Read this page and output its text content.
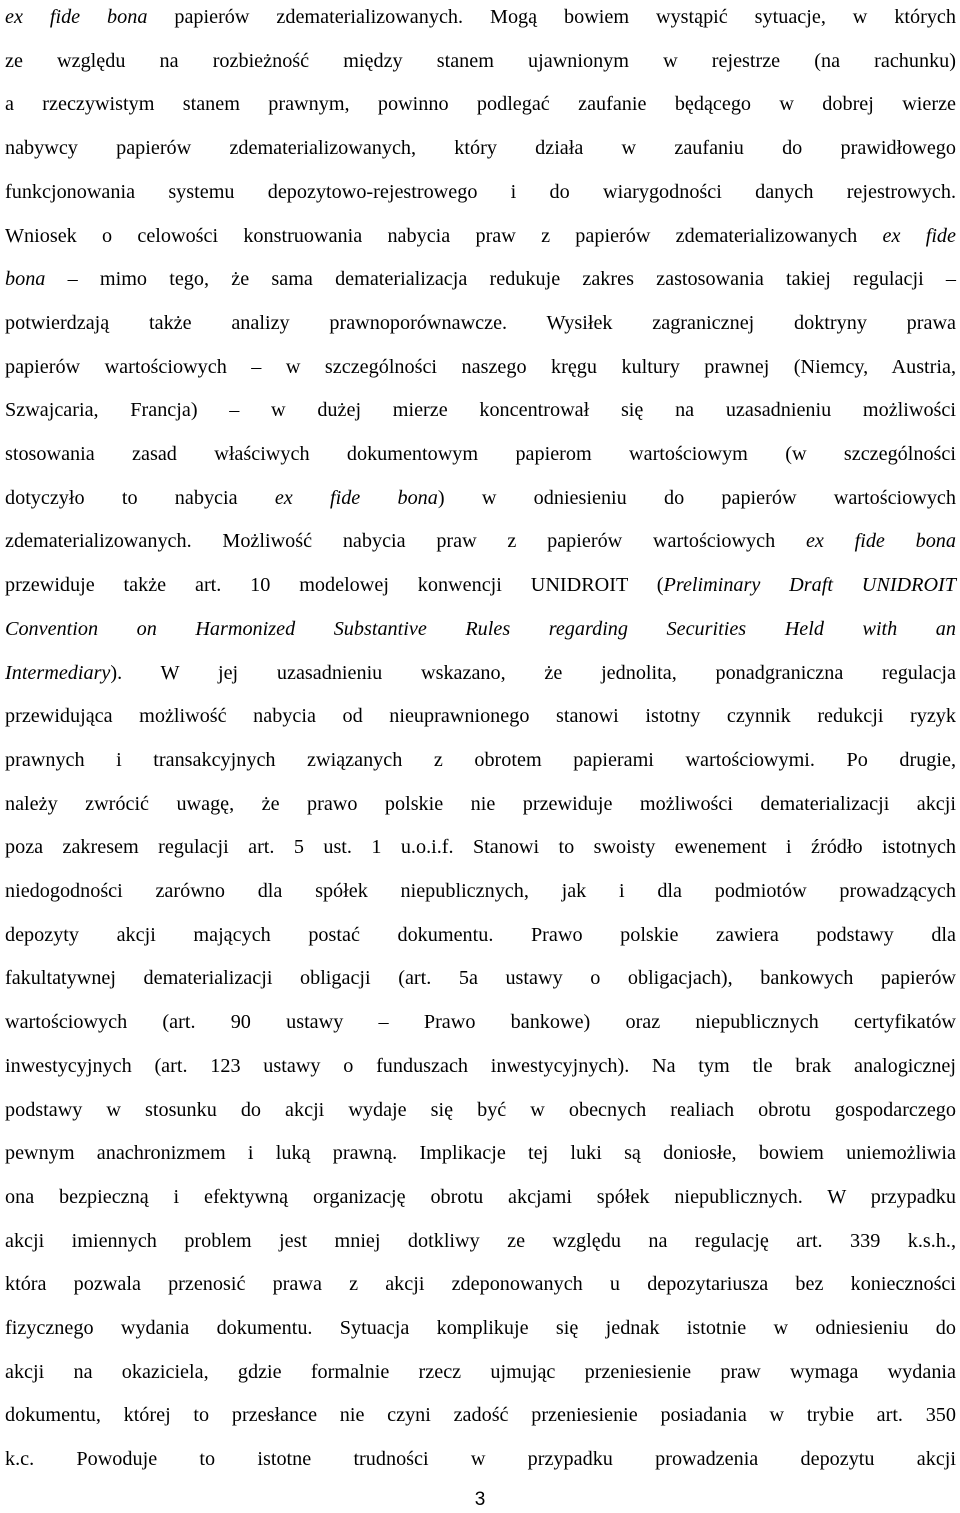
ex fide bona papierów zdematerializowanych. Mogą bowiem wystąpić sytuacje, w których
ze względu na rozbieżność między stanem ujawnionym w rejestrze (na rachunku)
a rzeczywistym stanem prawnym, powinno podlegać zaufanie będącego w dobrej wierze
nabywcy papierów zdematerializowanych, który działa w zaufaniu do prawidłowego
funkcjonowania systemu depozytowo-rejestrowego i do wiarygodności danych rejestrowych.
Wniosek o celowości konstruowania nabycia praw z papierów zdematerializowanych ex fide
bona – mimo tego, że sama dematerializacja redukuje zakres zastosowania takiej regulacji –
potwierdzają także analizy prawnoporównawcze. Wysiłek zagranicznej doktryny prawa
papierów wartościowych – w szczególności naszego kręgu kultury prawnej (Niemcy, Austria,
Szwajcaria, Francja) – w dużej mierze koncentrował się na uzasadnieniu możliwości
stosowania zasad właściwych dokumentowym papierom wartościowym (w szczególności
dotyczyło to nabycia ex fide bona) w odniesieniu do papierów wartościowych
zdematerializowanych. Możliwość nabycia praw z papierów wartościowych ex fide bona
przewiduje także art. 10 modelowej konwencji UNIDROIT (Preliminary Draft UNIDROIT
Convention on Harmonized Substantive Rules regarding Securities Held with an
Intermediary). W jej uzasadnieniu wskazano, że jednolita, ponadgraniczna regulacja
przewidująca możliwość nabycia od nieuprawnionego stanowi istotny czynnik redukcji ryzyk
prawnych i transakcyjnych związanych z obrotem papierami wartościowymi. Po drugie,
należy zwrócić uwagę, że prawo polskie nie przewiduje możliwości dematerializacji akcji
poza zakresem regulacji art. 5 ust. 1 u.o.i.f. Stanowi to swoisty ewenement i źródło istotnych
niedogodności zarówno dla spółek niepublicznych, jak i dla podmiotów prowadzących
depozyty akcji mających postać dokumentu. Prawo polskie zawiera podstawy dla
fakultatywnej dematerializacji obligacji (art. 5a ustawy o obligacjach), bankowych papierów
wartościowych (art. 90 ustawy – Prawo bankowe) oraz niepublicznych certyfikatów
inwestycyjnych (art. 123 ustawy o funduszach inwestycyjnych). Na tym tle brak analogicznej
podstawy w stosunku do akcji wydaje się być w obecnych realiach obrotu gospodarczego
pewnym anachronizmem i luką prawną. Implikacje tej luki są doniosłe, bowiem uniemożliwia
ona bezpieczną i efektywną organizację obrotu akcjami spółek niepublicznych. W przypadku
akcji imiennych problem jest mniej dotkliwy ze względu na regulację art. 339 k.s.h.,
która pozwala przenosić prawa z akcji zdeponowanych u depozytariusza bez konieczności
fizycznego wydania dokumentu. Sytuacja komplikuje się jednak istotnie w odniesieniu do
akcji na okaziciela, gdzie formalnie rzecz ujmując przeniesienie praw wymaga wydania
dokumentu, której to przesłance nie czyni zadość przeniesienie posiadania w trybie art. 350
k.c. Powoduje to istotne trudności w przypadku prowadzenia depozytu akcji
3
